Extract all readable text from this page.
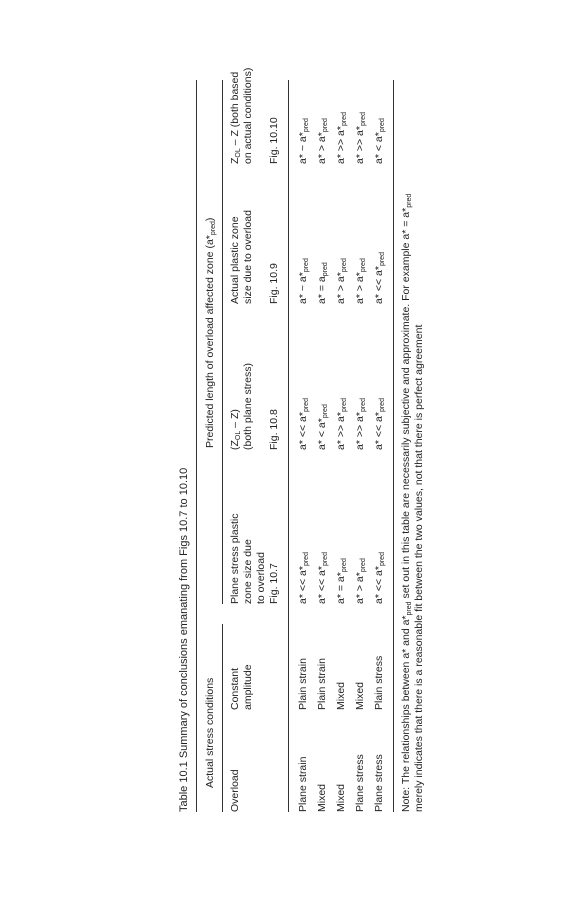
Table 10.1 Summary of conclusions emanating from Figs 10.7 to 10.10 Actual stress conditions
Predicted length of overload affected zone $(a*_{pred})$
Overload
Constant amplitude
Plane stress plastic zone size due to overload Fig. 10.7
$(Z_{OL} - Z)$ (both plane stress) Fig. 10.8
Actual plastic zone size due to overload Fig. 10.9
$Z_{OL}$ – Z (both based on actual conditions) Fig. 10.10
Plane strain
Plain strain
$a* << a*_{pred}$
$a* << a*_{pred}$
a* ~ $a*_{pred}$
a* ~ $a*_{pred}$
Mixed
Plain strain
$a* << a*_{pred}$
$a* < a*_{pred}$
$a* = a_{pred}$
$a* > a*_{pred}$
Mixed
Mixed
$a* = a*_{pred}$
$a* >> a*_{pred}$
$a* > a*_{pred}$
$a* >> a*_{pred}$
Plane stress
Mixed
$a* > a*_{pred}$
$a* >> a*_{pred}$
$a* > a*_{pred}$
$a* >> a*_{pred}$
Plane stress
Plain stress
$a* << a*_{pred}$
$a* << a*_{pred}$
$a* << a*_{pred}$
$a* < a*_{pred}$
Note: The relationships between a* and $a*_{pred}$ set out in this table are necessarily subjective and approximate. For example $a* = a*_{pred}$
merely indicates that there is a reasonable fit between the two values, not that there is perfect agreement
